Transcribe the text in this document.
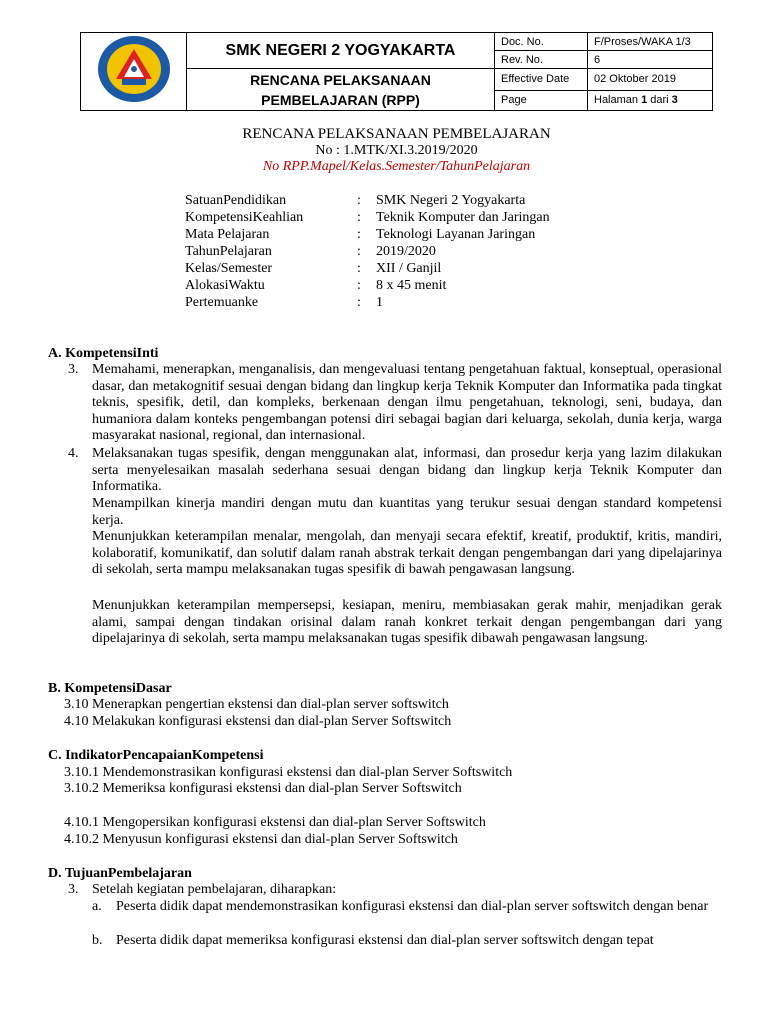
	SMK NEGERI 2 YOGYAKARTA	Doc. No.	F/Proses/WAKA 1/3
		Rev. No.	6
	RENCANA PELAKSANAAN
PEMBELAJARAN (RPP)	Effective Date	02 Oktober 2019
		Page	Halaman 1 dari 3
RENCANA PELAKSANAAN PEMBELAJARAN
No : 1.MTK/XI.3.2019/2020
No RPP.Mapel/Kelas.Semester/TahunPelajaran
SatuanPendidikan	: SMK Negeri 2 Yogyakarta
KompetensiKeahlian	: Teknik Komputer dan Jaringan
Mata Pelajaran	: Teknologi Layanan Jaringan
TahunPelajaran	: 2019/2020
Kelas/Semester	: XII / Ganjil
AlokasiWaktu	: 8 x 45 menit
Pertemuanke	: 1
A. KompetensiInti
3. Memahami, menerapkan, menganalisis, dan mengevaluasi tentang pengetahuan faktual, konseptual, operasional dasar, dan metakognitif sesuai dengan bidang dan lingkup kerja Teknik Komputer dan Informatika pada tingkat teknis, spesifik, detil, dan kompleks, berkenaan dengan ilmu pengetahuan, teknologi, seni, budaya, dan humaniora dalam konteks pengembangan potensi diri sebagai bagian dari keluarga, sekolah, dunia kerja, warga masyarakat nasional, regional, dan internasional.
4. Melaksanakan tugas spesifik, dengan menggunakan alat, informasi, dan prosedur kerja yang lazim dilakukan serta menyelesaikan masalah sederhana sesuai dengan bidang dan lingkup kerja Teknik Komputer dan Informatika.
Menampilkan kinerja mandiri dengan mutu dan kuantitas yang terukur sesuai dengan standard kompetensi kerja.
Menunjukkan keterampilan menalar, mengolah, dan menyaji secara efektif, kreatif, produktif, kritis, mandiri, kolaboratif, komunikatif, dan solutif dalam ranah abstrak terkait dengan pengembangan dari yang dipelajarinya di sekolah, serta mampu melaksanakan tugas spesifik di bawah pengawasan langsung.
Menunjukkan keterampilan mempersepsi, kesiapan, meniru, membiasakan gerak mahir, menjadikan gerak alami, sampai dengan tindakan orisinal dalam ranah konkret terkait dengan pengembangan dari yang dipelajarinya di sekolah, serta mampu melaksanakan tugas spesifik dibawah pengawasan langsung.
B. KompetensiDasar
3.10 Menerapkan pengertian ekstensi dan dial-plan server softswitch
4.10 Melakukan konfigurasi ekstensi dan dial-plan Server Softswitch
C. IndikatorPencapaianKompetensi
3.10.1 Mendemonstrasikan konfigurasi ekstensi dan dial-plan Server Softswitch
3.10.2 Memeriksa konfigurasi ekstensi dan dial-plan Server Softswitch
4.10.1 Mengopersikan konfigurasi ekstensi dan dial-plan Server Softswitch
4.10.2 Menyusun konfigurasi ekstensi dan dial-plan Server Softswitch
D. TujuanPembelajaran
3. Setelah kegiatan pembelajaran, diharapkan:
a. Peserta didik dapat mendemonstrasikan konfigurasi ekstensi dan dial-plan server softswitch dengan benar
b. Peserta didik dapat memeriksa konfigurasi ekstensi dan dial-plan server softswitch dengan tepat
